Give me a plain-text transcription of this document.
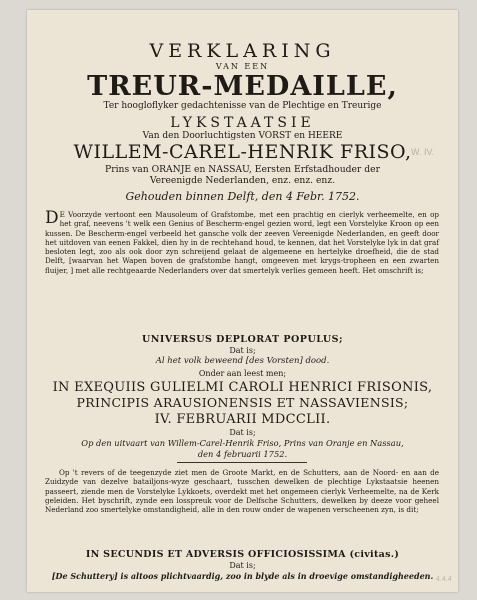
VERKLARING
VAN EEN
TREUR-MEDAILLE,
Ter hoogloflyker gedachtenisse van de Plechtige en Treurige
LYKSTAATSIE
Van den Doorluchtigsten VORST en HEERE
WILLEM-CAREL-HENRIK FRISO, W. IV.
Prins van ORANJE en NASSAU, Eersten Erfstadhouder der
Vereenigde Nederlanden, enz. enz. enz.
Gehouden binnen Delft, den 4 Febr. 1752.
D E Voorzyde vertoont een Mausoleum of Grafstombe, met een prachtig en cierlyk verheemelte, en op het graf, neevens 't welk een Genius of Bescherm-engel gezien word, legt een Vorstelyke Kroon op een kussen. De Bescherm-engel verbeeld het gansche volk der zeeven Vereenigde Nederlanden, en geeft door het uitdoven van eenen Fakkel, dien hy in de rechtehand houd, te kennen, dat het Vorstelyke lyk in dat graf besloten legt, zoo als ook door zyn schreijend gelaat de algemeene en hertelyke droefheid, die de stad Delft, [waarvan het Wapen boven de grafstombe hangt, omgeeven met krygs-tropheen en een zwarten fluijer, ] met alle rechtgeaarde Nederlanders over dat smertelyk verlies gemeen heeft. Het omschrift is;
UNIVERSUS DEPLORAT POPULUS;
Dat is;
Al het volk beweend [des Vorsten] dood.
Onder aan leest men;
IN EXEQUIIS GULIELMI CAROLI HENRICI FRISONIS,
PRINCIPIS ARAUSIONENSIS ET NASSAVIENSIS;
IV. FEBRUARII MDCCLII.
Dat is;
Op den uitvaart van Willem-Carel-Henrik Friso, Prins van Oranje en Nassau,
den 4 februarii 1752.
Op 't revers of de teegenzyde ziet men de Groote Markt, en de Schutters, aan de Noord- en aan de Zuidzyde van dezelve batailjons-wyze geschaart, tusschen dewelken de plechtige Lykstaatsie heenen passeert, ziende men de Vorstelyke Lykkoets, overdekt met het ongemeen cierlyk Verheemelte, na de Kerk geleiden. Het byschrift, zynde een losspreuk voor de Delfsche Schutters, dewelken by deeze voor geheel Nederland zoo smertelyke omstandigheid, alle in den rouw onder de wapenen verscheenen zyn, is dit;
IN SECUNDIS ET ADVERSIS OFFICIOSISSIMA (civitas.)
Dat is;
[De Schuttery] is altoos plichtvaardig, zoo in blyde als in droevige omstandigheeden. 4.4.4
